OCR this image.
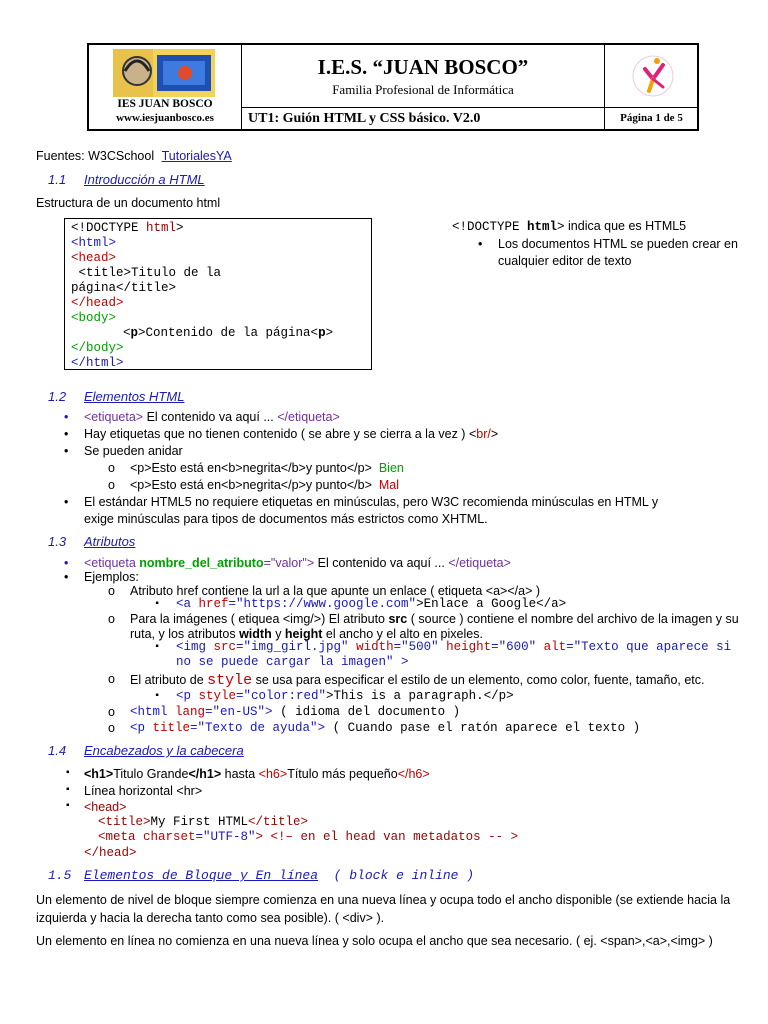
IES JUAN BOSCO
www.iesjuanbosco.es
I.E.S. “JUAN BOSCO”
Familia Profesional de Informática
UT1: Guión HTML y CSS básico. V2.0	Página 1 de 5
Fuentes: W3CSchool TutorialesYA
1.1 Introducción a HTML
Estructura de un documento html
<!DOCTYPE html>
<html>
<head>
<title>Titulo de la
página</title>
</head>
<body>
<p>Contenido de la página<p>
</body>
</html>
<!DOCTYPE html> indica que es HTML5
• Los documentos HTML se pueden crear en cualquier editor de texto
1.2 Elementos HTML
• <etiqueta> El contenido va aquí ... </etiqueta>
• Hay etiquetas que no tienen contenido ( se abre y se cierra a la vez ) <br/>
• Se pueden anidar
o <p>Esto está en<b>negrita</b>y punto</p> Bien
o <p>Esto está en<b>negrita</p>y punto</b> Mal
• El estándar HTML5 no requiere etiquetas en minúsculas, pero W3C recomienda minúsculas en HTML y exige minúsculas para tipos de documentos más estrictos como XHTML.
1.3 Atributos
• <etiqueta nombre_del_atributo="valor"> El contenido va aquí ... </etiqueta>
• Ejemplos:
o Atributo href contiene la url a la que apunte un enlace ( etiqueta <a></a> )
▪ <a href="https://www.google.com">Enlace a Google</a>
o Para la imágenes ( etiquea <img/>) El atributo src ( source ) contiene el nombre del archivo de la imagen y su ruta, y los atributos width y height el ancho y el alto en pixeles.
▪ <img src="img_girl.jpg" width="500" height="600" alt="Texto que aparece si no se puede cargar la imagen" >
o El atributo de style se usa para especificar el estilo de un elemento, como color, fuente, tamaño, etc.
▪ <p style="color:red">This is a paragraph.</p>
o <html lang="en-US"> ( idioma del documento )
o <p title="Texto de ayuda"> ( Cuando pase el ratón aparece el texto )
1.4 Encabezados y la cabecera
▪ <h1>Titulo Grande</h1> hasta <h6>Título más pequeño</h6>
▪ Línea horizontal <hr>
▪ <head>
<title>My First HTML</title>
<meta charset="UTF-8"> <!– en el head van metadatos -- >
</head>
1.5 Elementos de Bloque y En línea ( block e inline )
Un elemento de nivel de bloque siempre comienza en una nueva línea y ocupa todo el ancho disponible (se extiende hacia la izquierda y hacia la derecha tanto como sea posible). ( <div> ).
Un elemento en línea no comienza en una nueva línea y solo ocupa el ancho que sea necesario. ( ej. <span>,<a>,<img> )
